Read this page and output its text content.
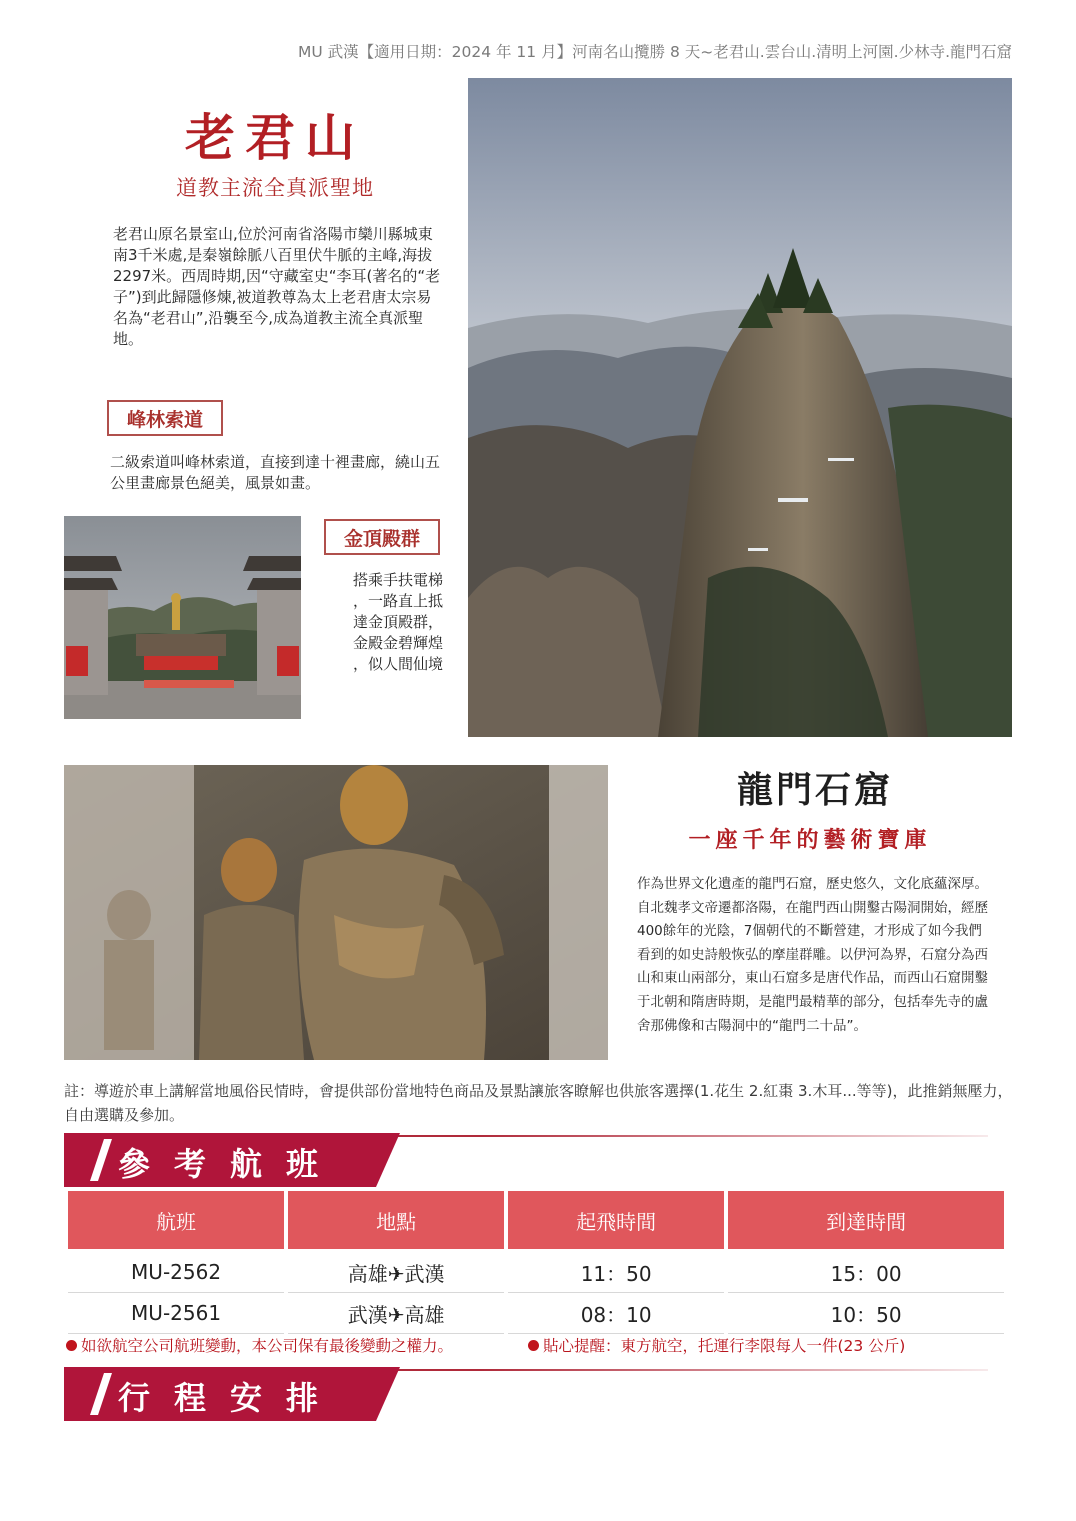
MU 武漢【適用日期：2024 年 11 月】河南名山攬勝 8 天~老君山.雲台山.清明上河園.少林寺.龍門石窟
老君山
道教主流全真派聖地
老君山原名景室山,位於河南省洛陽市欒川縣城東南3千米處,是秦嶺餘脈八百里伏牛脈的主峰,海拔2297米。西周時期,因“守藏室史“李耳(著名的“老子”)到此歸隱修煉,被道教尊為太上老君唐太宗易名為“老君山”,沿襲至今,成為道教主流全真派聖地。
峰林索道
二級索道叫峰林索道，直接到達十裡畫廊，繞山五公里畫廊景色絕美，風景如畫。
金頂殿群
搭乘手扶電梯
，一路直上抵
達金頂殿群，
金殿金碧輝煌
，似人間仙境
龍門石窟
一座千年的藝術寶庫
作為世界文化遺產的龍門石窟，歷史悠久，文化底蘊深厚。自北魏孝文帝遷都洛陽，在龍門西山開鑿古陽洞開始，經歷400餘年的光陰，7個朝代的不斷營建，才形成了如今我們看到的如史詩般恢弘的摩崖群雕。以伊河為界，石窟分為西山和東山兩部分，東山石窟多是唐代作品，而西山石窟開鑿于北朝和隋唐時期，是龍門最精華的部分，包括奉先寺的盧舍那佛像和古陽洞中的“龍門二十品”。
註：導遊於車上講解當地風俗民情時，會提供部份當地特色商品及景點讓旅客瞭解也供旅客選擇(1.花生 2.紅棗 3.木耳...等等)，此推銷無壓力，自由選購及參加。
參考航班
航班	地點	起飛時間	到達時間
MU-2562	高雄✈武漢	11：50	15：00
MU-2561	武漢✈高雄	08：10	10：50
如欲航空公司航班變動，本公司保有最後變動之權力。	貼心提醒：東方航空，托運行李限每人一件(23 公斤)
行程安排
